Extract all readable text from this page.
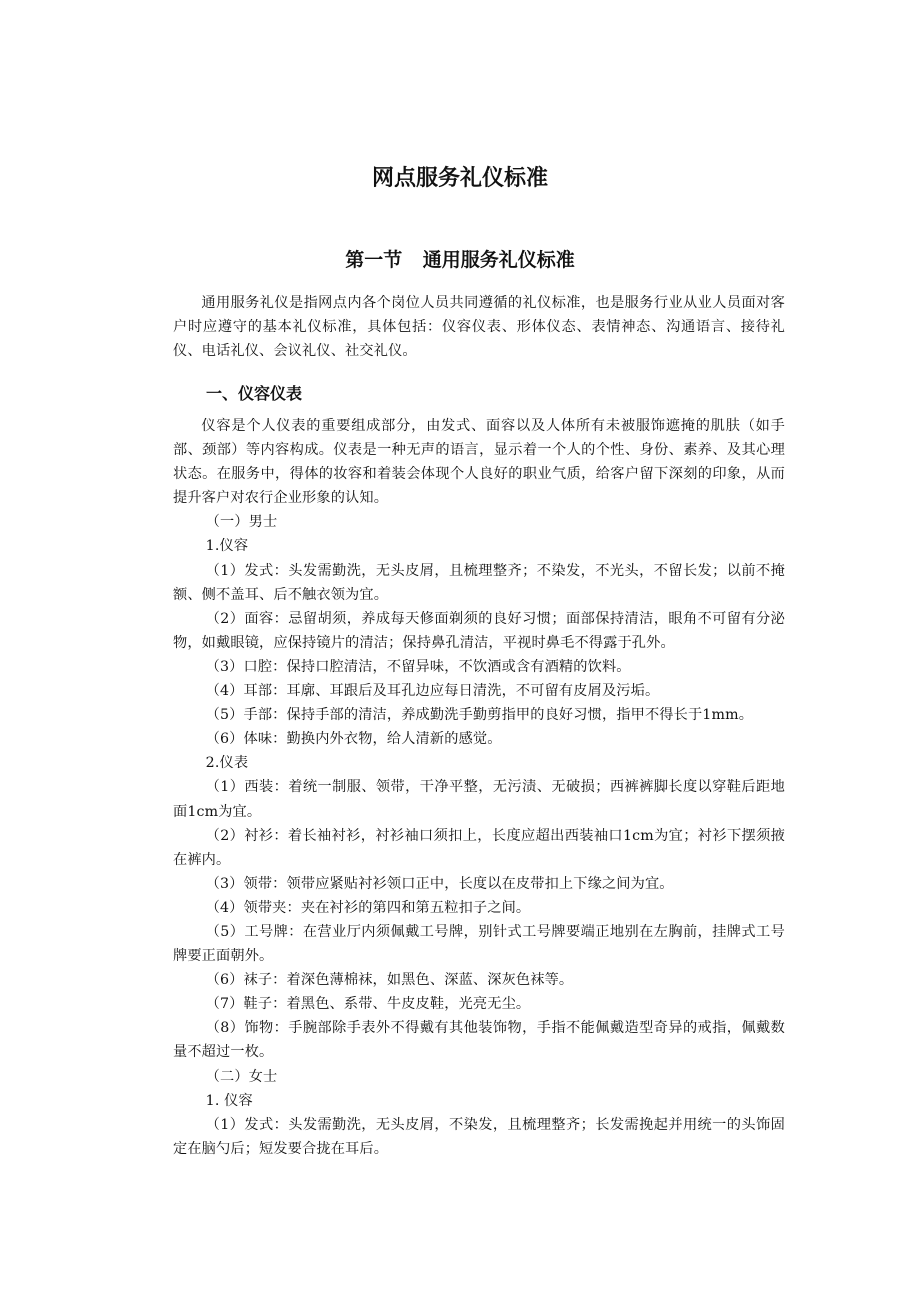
网点服务礼仪标准
第一节 通用服务礼仪标准

通用服务礼仪是指网点内各个岗位人员共同遵循的礼仪标准，也是服务行业从业人员面对客户时应遵守的基本礼仪标准，具体包括：仪容仪表、形体仪态、表情神态、沟通语言、接待礼仪、电话礼仪、会议礼仪、社交礼仪。

一、仪容仪表

仪容是个人仪表的重要组成部分，由发式、面容以及人体所有未被服饰遮掩的肌肤（如手部、颈部）等内容构成。仪表是一种无声的语言，显示着一个人的个性、身份、素养、及其心理状态。在服务中，得体的妆容和着装会体现个人良好的职业气质，给客户留下深刻的印象，从而提升客户对农行企业形象的认知。

（一）男士

1.仪容

（1）发式：头发需勤洗，无头皮屑，且梳理整齐；不染发，不光头，不留长发；以前不掩额、侧不盖耳、后不触衣领为宜。

（2）面容：忌留胡须，养成每天修面剃须的良好习惯；面部保持清洁，眼角不可留有分泌物，如戴眼镜，应保持镜片的清洁；保持鼻孔清洁，平视时鼻毛不得露于孔外。

（3）口腔：保持口腔清洁，不留异味，不饮酒或含有酒精的饮料。

（4）耳部：耳廓、耳跟后及耳孔边应每日清洗，不可留有皮屑及污垢。

（5）手部：保持手部的清洁，养成勤洗手勤剪指甲的良好习惯，指甲不得长于1mm。

（6）体味：勤换内外衣物，给人清新的感觉。

2.仪表

（1）西装：着统一制服、领带，干净平整，无污渍、无破损；西裤裤脚长度以穿鞋后距地面1cm为宜。

（2）衬衫：着长袖衬衫，衬衫袖口须扣上，长度应超出西装袖口1cm为宜；衬衫下摆须掖在裤内。

（3）领带：领带应紧贴衬衫领口正中，长度以在皮带扣上下缘之间为宜。

（4）领带夹：夹在衬衫的第四和第五粒扣子之间。

（5）工号牌：在营业厅内须佩戴工号牌，别针式工号牌要端正地别在左胸前，挂牌式工号牌要正面朝外。

（6）袜子：着深色薄棉袜，如黑色、深蓝、深灰色袜等。

（7）鞋子：着黑色、系带、牛皮皮鞋，光亮无尘。

（8）饰物：手腕部除手表外不得戴有其他装饰物，手指不能佩戴造型奇异的戒指，佩戴数量不超过一枚。

（二）女士

1. 仪容

（1）发式：头发需勤洗，无头皮屑，不染发，且梳理整齐；长发需挽起并用统一的头饰固定在脑勺后；短发要合拢在耳后。
